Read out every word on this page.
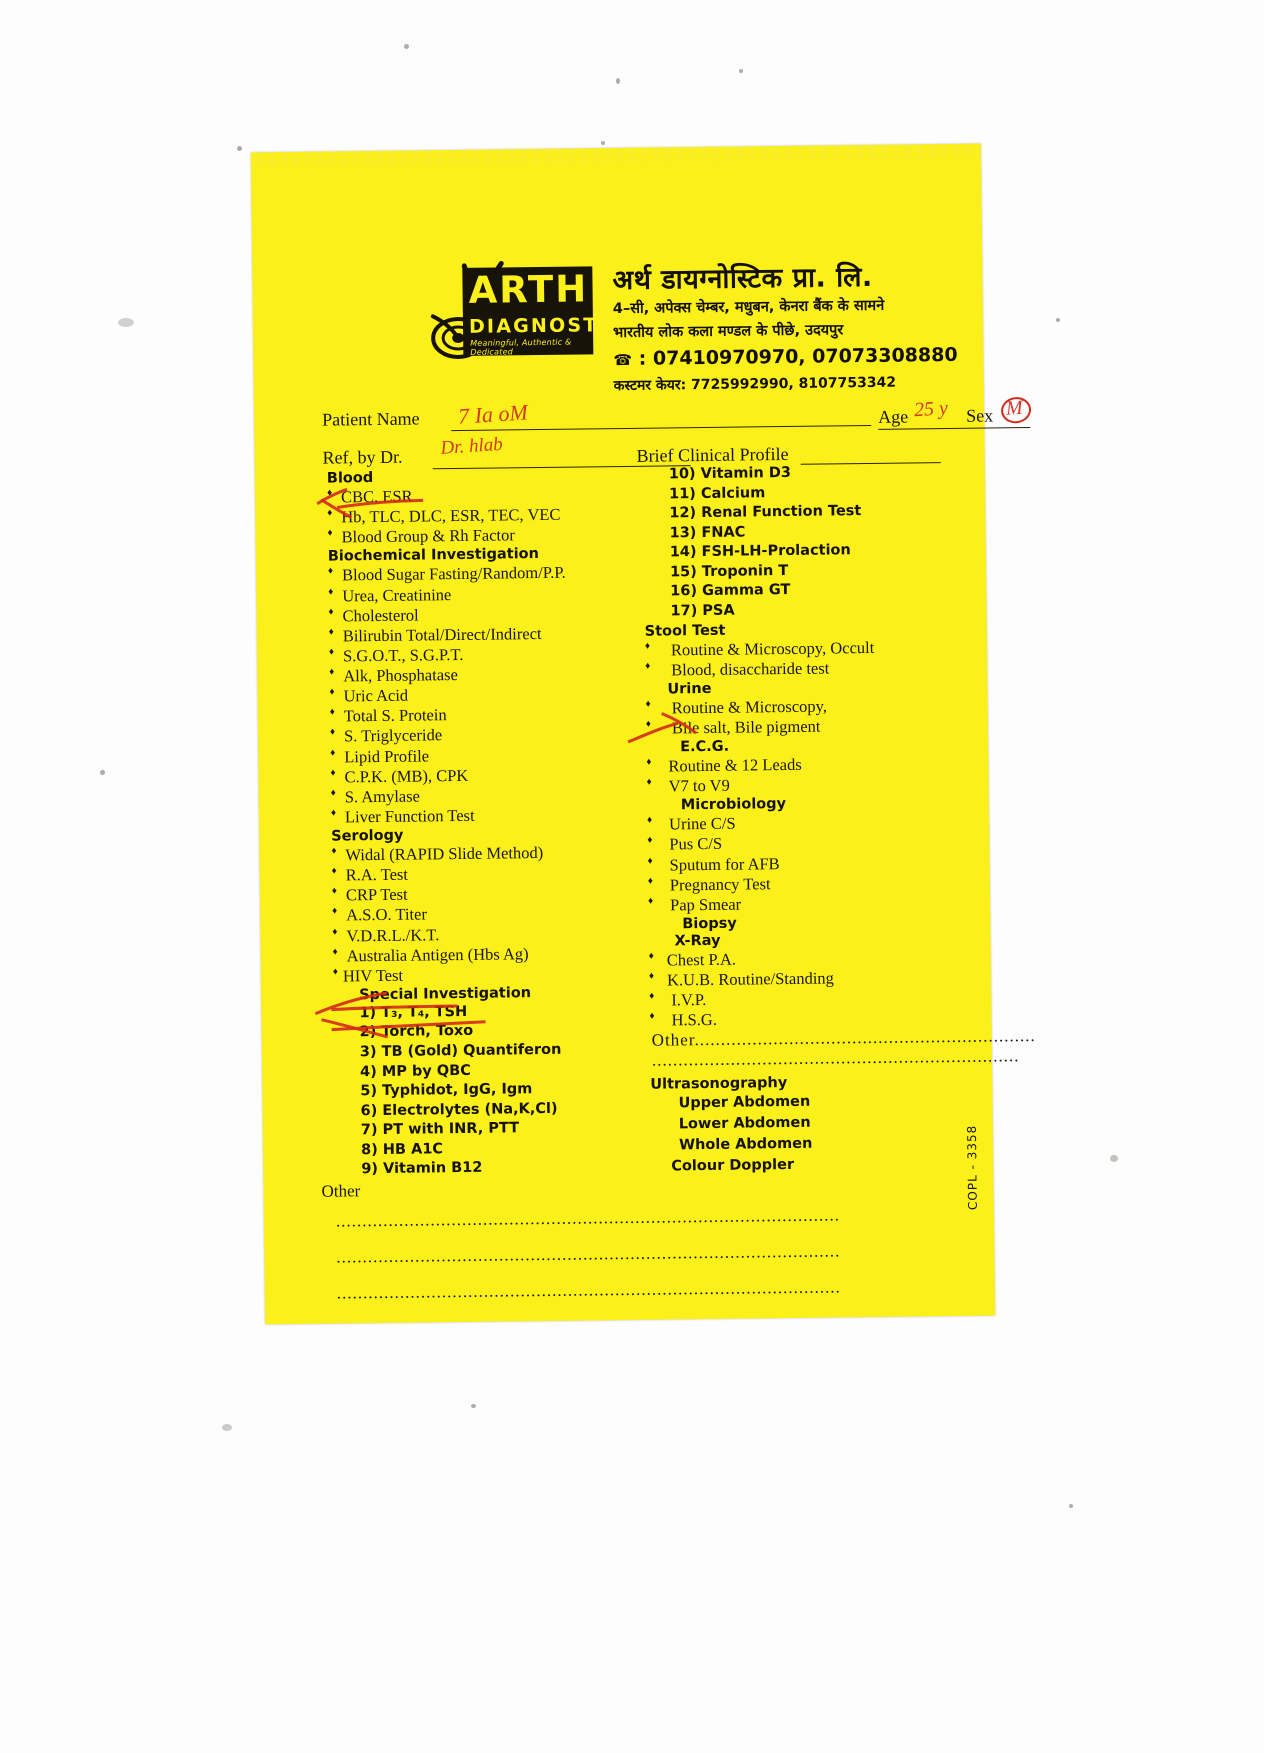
ARTH
DIAGNOSTICS
Meaningful, Authentic & Dedicated
अर्थ डायग्नोस्टिक प्रा. लि.
4–सी, अपेक्स चेम्बर, मधुबन, केनरा बैंक के सामने
भारतीय लोक कला मण्डल के पीछे, उदयपुर
☎ : 07410970970, 07073308880
कस्टमर केयर: 7725992990, 8107753342
Patient Name 7 Ia oM	Age 25 y Sex M
Ref, by Dr. Dr. hlab	Brief Clinical Profile
Blood
♦ CBC, ESR
♦ Hb, TLC, DLC, ESR, TEC, VEC
♦ Blood Group & Rh Factor
Biochemical Investigation
♦ Blood Sugar Fasting/Random/P.P.
♦ Urea, Creatinine
♦ Cholesterol
♦ Bilirubin Total/Direct/Indirect
♦ S.G.O.T., S.G.P.T.
♦ Alk, Phosphatase
♦ Uric Acid
♦ Total S. Protein
♦ S. Triglyceride
♦ Lipid Profile
♦ C.P.K. (MB), CPK
♦ S. Amylase
♦ Liver Function Test
Serology
♦ Widal (RAPID Slide Method)
♦ R.A. Test
♦ CRP Test
♦ A.S.O. Titer
♦ V.D.R.L./K.T.
♦ Australia Antigen (Hbs Ag)
♦ HIV Test
Special Investigation
1) T₃, T₄, TSH
2) Torch, Toxo
3) TB (Gold) Quantiferon
4) MP by QBC
5) Typhidot, IgG, Igm
6) Electrolytes (Na,K,Cl)
7) PT with INR, PTT
8) HB A1C
9) Vitamin B12
10) Vitamin D3
11) Calcium
12) Renal Function Test
13) FNAC
14) FSH-LH-Prolaction
15) Troponin T
16) Gamma GT
17) PSA
Stool Test
♦ Routine & Microscopy, Occult
♦ Blood, disaccharide test
Urine
♦ Routine & Microscopy,
♦ Bile salt, Bile pigment
E.C.G.
♦ Routine & 12 Leads
♦ V7 to V9
Microbiology
♦ Urine C/S
♦ Pus C/S
♦ Sputum for AFB
♦ Pregnancy Test
♦ Pap Smear
Biopsy
X-Ray
♦ Chest P.A.
♦ K.U.B. Routine/Standing
♦ I.V.P.
♦ H.S.G.
Other.................................................................
......................................................................
Ultrasonography
Upper Abdomen
Lower Abdomen
Whole Abdomen
Colour Doppler
Other
................................................................................................
................................................................................................
................................................................................................
COPL - 3358
